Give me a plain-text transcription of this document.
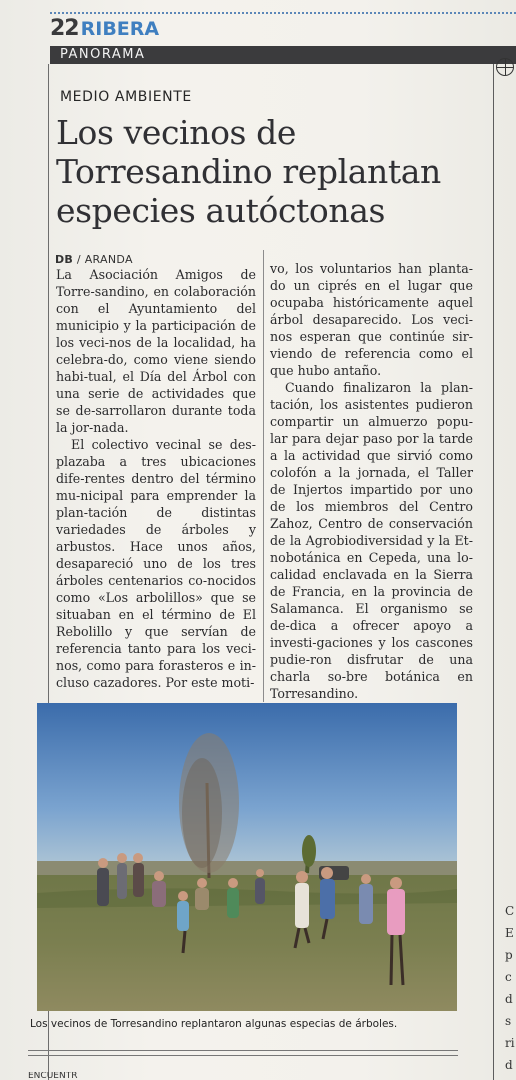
22 RIBERA
PANORAMA
MEDIO AMBIENTE
Los vecinos de
Torresandino replantan
especies autóctonas
DB / ARANDA

La Asociación Amigos de Torre-sandino, en colaboración con el Ayuntamiento del municipio y la participación de los veci-nos de la localidad, ha celebra-do, como viene siendo habi-tual, el Día del Árbol con una serie de actividades que se de-sarrollaron durante toda la jor-nada.

El colectivo vecinal se des-plazaba a tres ubicaciones dife-rentes dentro del término mu-nicipal para emprender la plan-tación de distintas variedades de árboles y arbustos. Hace unos años, desapareció uno de los tres árboles centenarios co-nocidos como «Los arbolillos» que se situaban en el término de El Rebolillo y que servían de referencia tanto para los veci-nos, como para forasteros e in-cluso cazadores. Por este moti-

vo, los voluntarios han planta-do un ciprés en el lugar que ocupaba históricamente aquel árbol desaparecido. Los veci-nos esperan que continúe sir-viendo de referencia como el que hubo antaño.

Cuando finalizaron la plan-tación, los asistentes pudieron compartir un almuerzo popu-lar para dejar paso por la tarde a la actividad que sirvió como colofón a la jornada, el Taller de Injertos impartido por uno de los miembros del Centro Zahoz, Centro de conservación de la Agrobiodiversidad y la Et-nobotánica en Cepeda, una lo-calidad enclavada en la Sierra de Francia, en la provincia de Salamanca. El organismo se de-dica a ofrecer apoyo a investi-gaciones y los cascones pudie-ron disfrutar de una charla so-bre botánica en Torresandino.

Los vecinos de Torresandino replantaron algunas especias de árboles.
ENCUENTR
C
E
p
c
d
s
ri
d
